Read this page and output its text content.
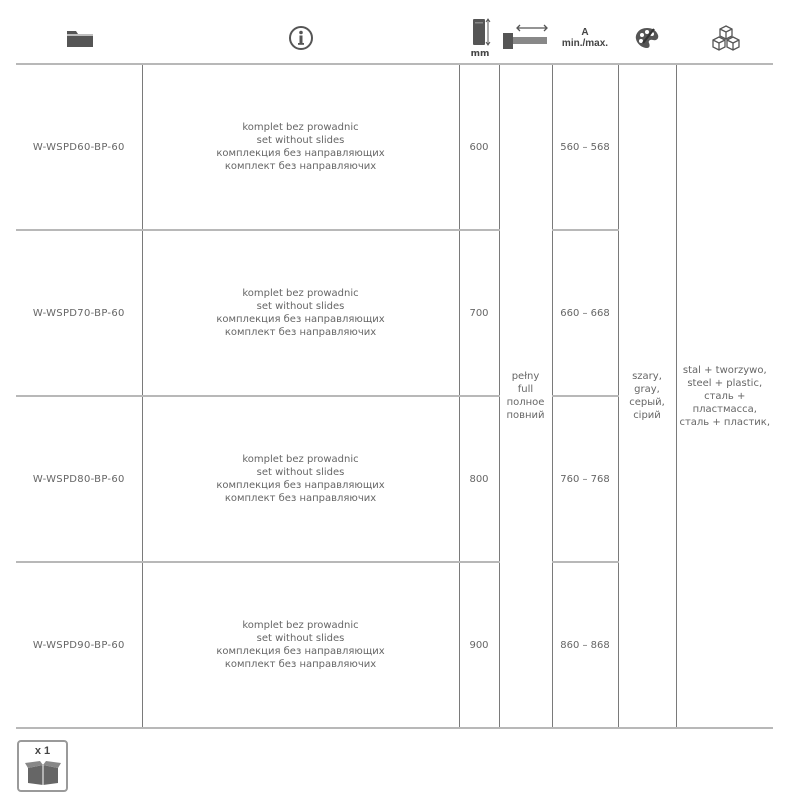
mm
A
min./max.
W-WSPD60-BP-60	komplet bez prowadnic
set without slides
комплекция без направляющих
комплект без направляючих	600	pełny
full
полное
повний	560 – 568	szary,
gray,
серый,
сірий	stal + tworzywo,
steel + plastic,
сталь +
пластмасса,
сталь + пластик,

W-WSPD70-BP-60	komplet bez prowadnic
set without slides
комплекция без направляющих
комплект без направляючих	700		660 – 668		
W-WSPD80-BP-60	komplet bez prowadnic
set without slides
комплекция без направляющих
комплект без направляючих	800		760 – 768		
W-WSPD90-BP-60	komplet bez prowadnic
set without slides
комплекция без направляющих
комплект без направляючих	900		860 – 868		
x 1
